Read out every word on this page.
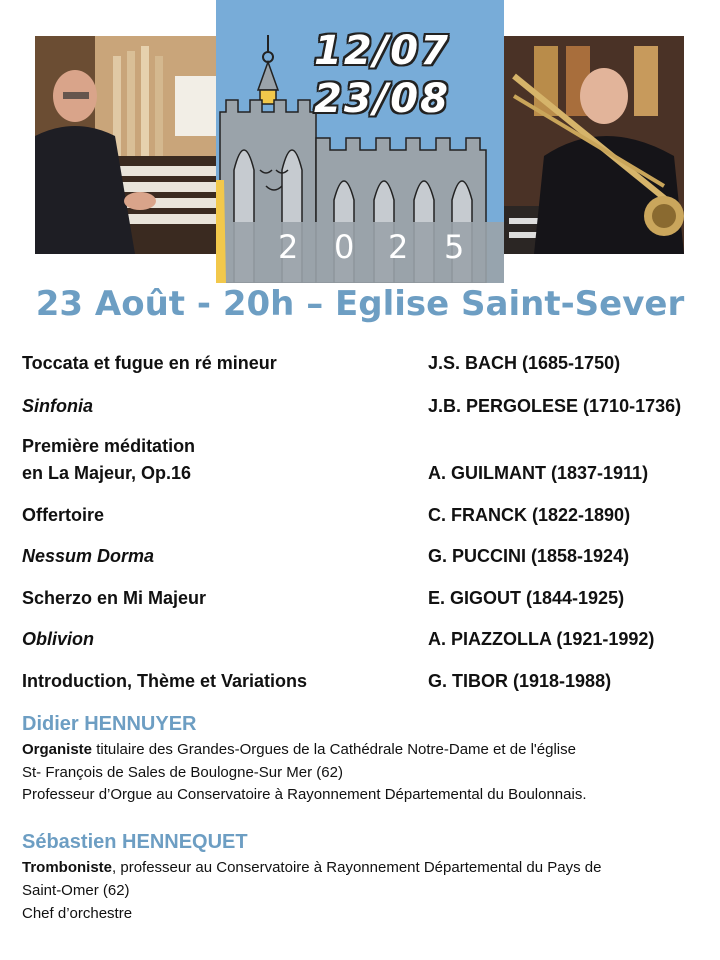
12/07
23/08
2 0 2 5
23 Août - 20h – Eglise Saint-Sever
Toccata et fugue en ré mineur	J.S. BACH (1685-1750)
Sinfonia	J.B. PERGOLESE (1710-1736)
Première méditation
en La Majeur, Op.16	A. GUILMANT (1837-1911)
Offertoire	C. FRANCK (1822-1890)
Nessum Dorma	G. PUCCINI (1858-1924)
Scherzo en Mi Majeur	E. GIGOUT (1844-1925)
Oblivion	A. PIAZZOLLA (1921-1992)
Introduction, Thème et Variations	G. TIBOR (1918-1988)
Didier HENNUYER
Organiste titulaire des Grandes-Orgues de la Cathédrale Notre-Dame et de l'église
St- François de Sales de Boulogne-Sur Mer (62)
Professeur d’Orgue au Conservatoire à Rayonnement Départemental du Boulonnais.
Sébastien HENNEQUET
Tromboniste, professeur au Conservatoire à Rayonnement Départemental du Pays de
Saint-Omer (62)
Chef d’orchestre
